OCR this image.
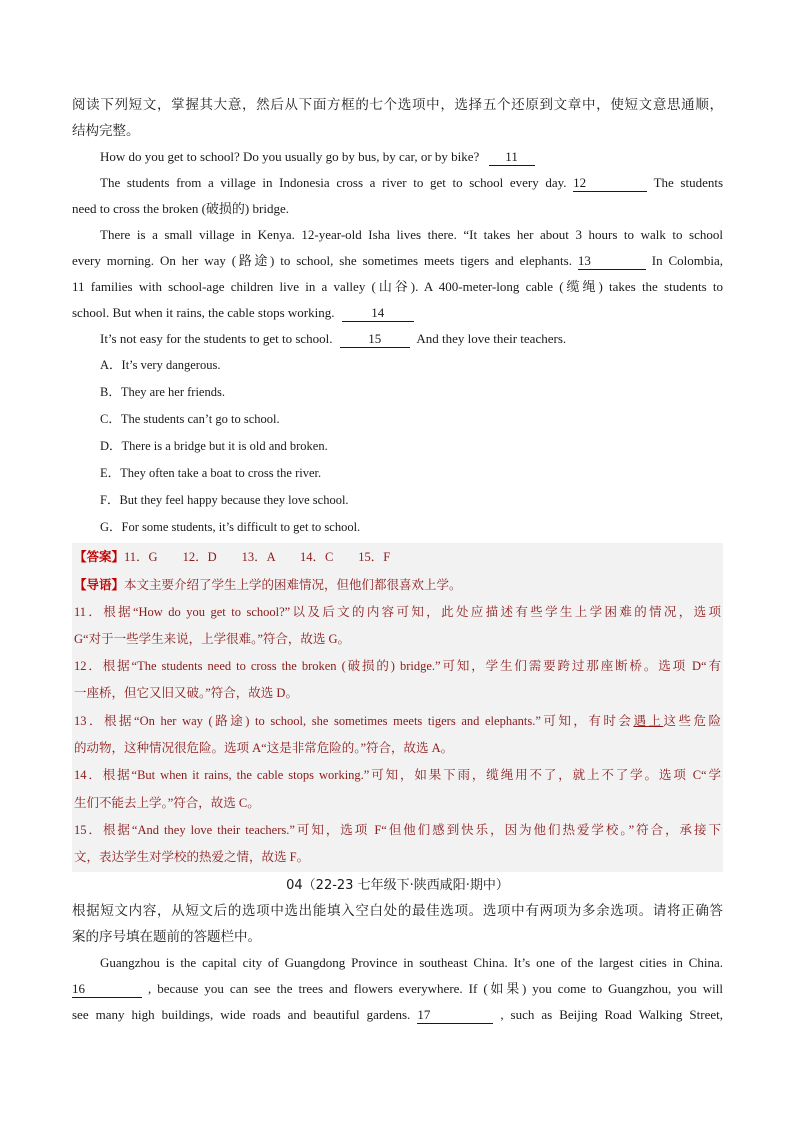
阅读下列短文，掌握其大意，然后从下面方框的七个选项中，选择五个还原到文章中，使短文意思通顺，
结构完整。
How do you get to school? Do you usually go by bus, by car, or by bike? 11
The students from a village in Indonesia cross a river to get to school every day. 12	The students
need to cross the broken (破损的) bridge.
There is a small village in Kenya. 12-year-old Isha lives there. “It takes her about 3 hours to walk to school
every morning. On her way (路途) to school, she sometimes meets tigers and elephants. 13	In Colombia,
11 families with school-age children live in a valley (山谷). A 400-meter-long cable (缆绳) takes the students to
school. But when it rains, the cable stops working.	14
It’s not easy for the students to get to school.	15	And they love their teachers.
A．It’s very dangerous.
B．They are her friends.
C．The students can’t go to school.
D．There is a bridge but it is old and broken.
E．They often take a boat to cross the river.
F．But they feel happy because they love school.
G．For some students, it’s difficult to get to school.
【答案】11．G　　12．D　　13．A　　14．C　　15．F
【导语】本文主要介绍了学生上学的困难情况，但他们都很喜欢上学。
11．根据“How do you get to school?”以及后文的内容可知，此处应描述有些学生上学困难的情况，选项
G“对于一些学生来说，上学很难。”符合，故选 G。
12．根据“The students need to cross the broken (破损的) bridge.”可知，学生们需要跨过那座断桥。选项 D“有
一座桥，但它又旧又破。”符合，故选 D。
13．根据“On her way (路途) to school, she sometimes meets tigers and elephants.”可知，有时会遇上这些危险
的动物，这种情况很危险。选项 A“这是非常危险的。”符合，故选 A。
14．根据“But when it rains, the cable stops working.”可知，如果下雨，缆绳用不了，就上不了学。选项 C“学
生们不能去上学。”符合，故选 C。
15．根据“And they love their teachers.”可知，选项 F“但他们感到快乐，因为他们热爱学校。”符合，承接下
文，表达学生对学校的热爱之情，故选 F。
04（22-23 七年级下·陕西咸阳·期中）
根据短文内容，从短文后的选项中选出能填入空白处的最佳选项。选项中有两项为多余选项。请将正确答
案的序号填在题前的答题栏中。
Guangzhou is the capital city of Guangdong Province in southeast China. It’s one of the largest cities in China.
16	, because you can see the trees and flowers everywhere. If (如果) you come to Guangzhou, you will
see many high buildings, wide roads and beautiful gardens. 17	, such as Beijing Road Walking Street,
